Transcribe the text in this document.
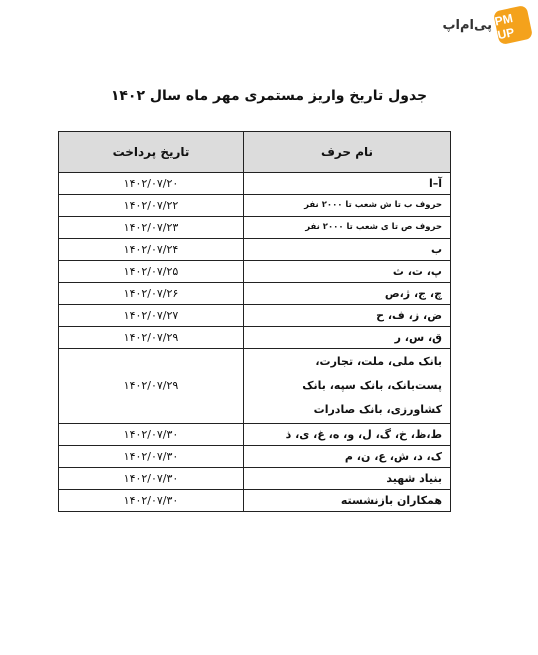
پی‌ام‌اپ PM UP
جدول تاریخ واریز مستمری مهر ماه سال ۱۴۰۲
نام حرف	تاریخ پرداخت
آ–ا	۱۴۰۲/۰۷/۲۰
حروف ب تا ش شعب تا ۲۰۰۰ نفر	۱۴۰۲/۰۷/۲۲
حروف ص تا ی شعب تا ۲۰۰۰ نفر	۱۴۰۲/۰۷/۲۳
ب	۱۴۰۲/۰۷/۲۴
پ، ت، ث	۱۴۰۲/۰۷/۲۵
چ، ج، ژ،ص	۱۴۰۲/۰۷/۲۶
ض، ز، ف، ح	۱۴۰۲/۰۷/۲۷
ق، س، ر	۱۴۰۲/۰۷/۲۹
بانک ملی، ملت، تجارت،
پست‌بانک، بانک سپه، بانک
کشاورزی، بانک صادرات	۱۴۰۲/۰۷/۲۹
ط،ظ، خ، گ، ل، و، ه، غ، ی، ذ	۱۴۰۲/۰۷/۳۰
ک، د، ش، ع، ن، م	۱۴۰۲/۰۷/۳۰
بنیاد شهید	۱۴۰۲/۰۷/۳۰
همکاران بازنشسته	۱۴۰۲/۰۷/۳۰
